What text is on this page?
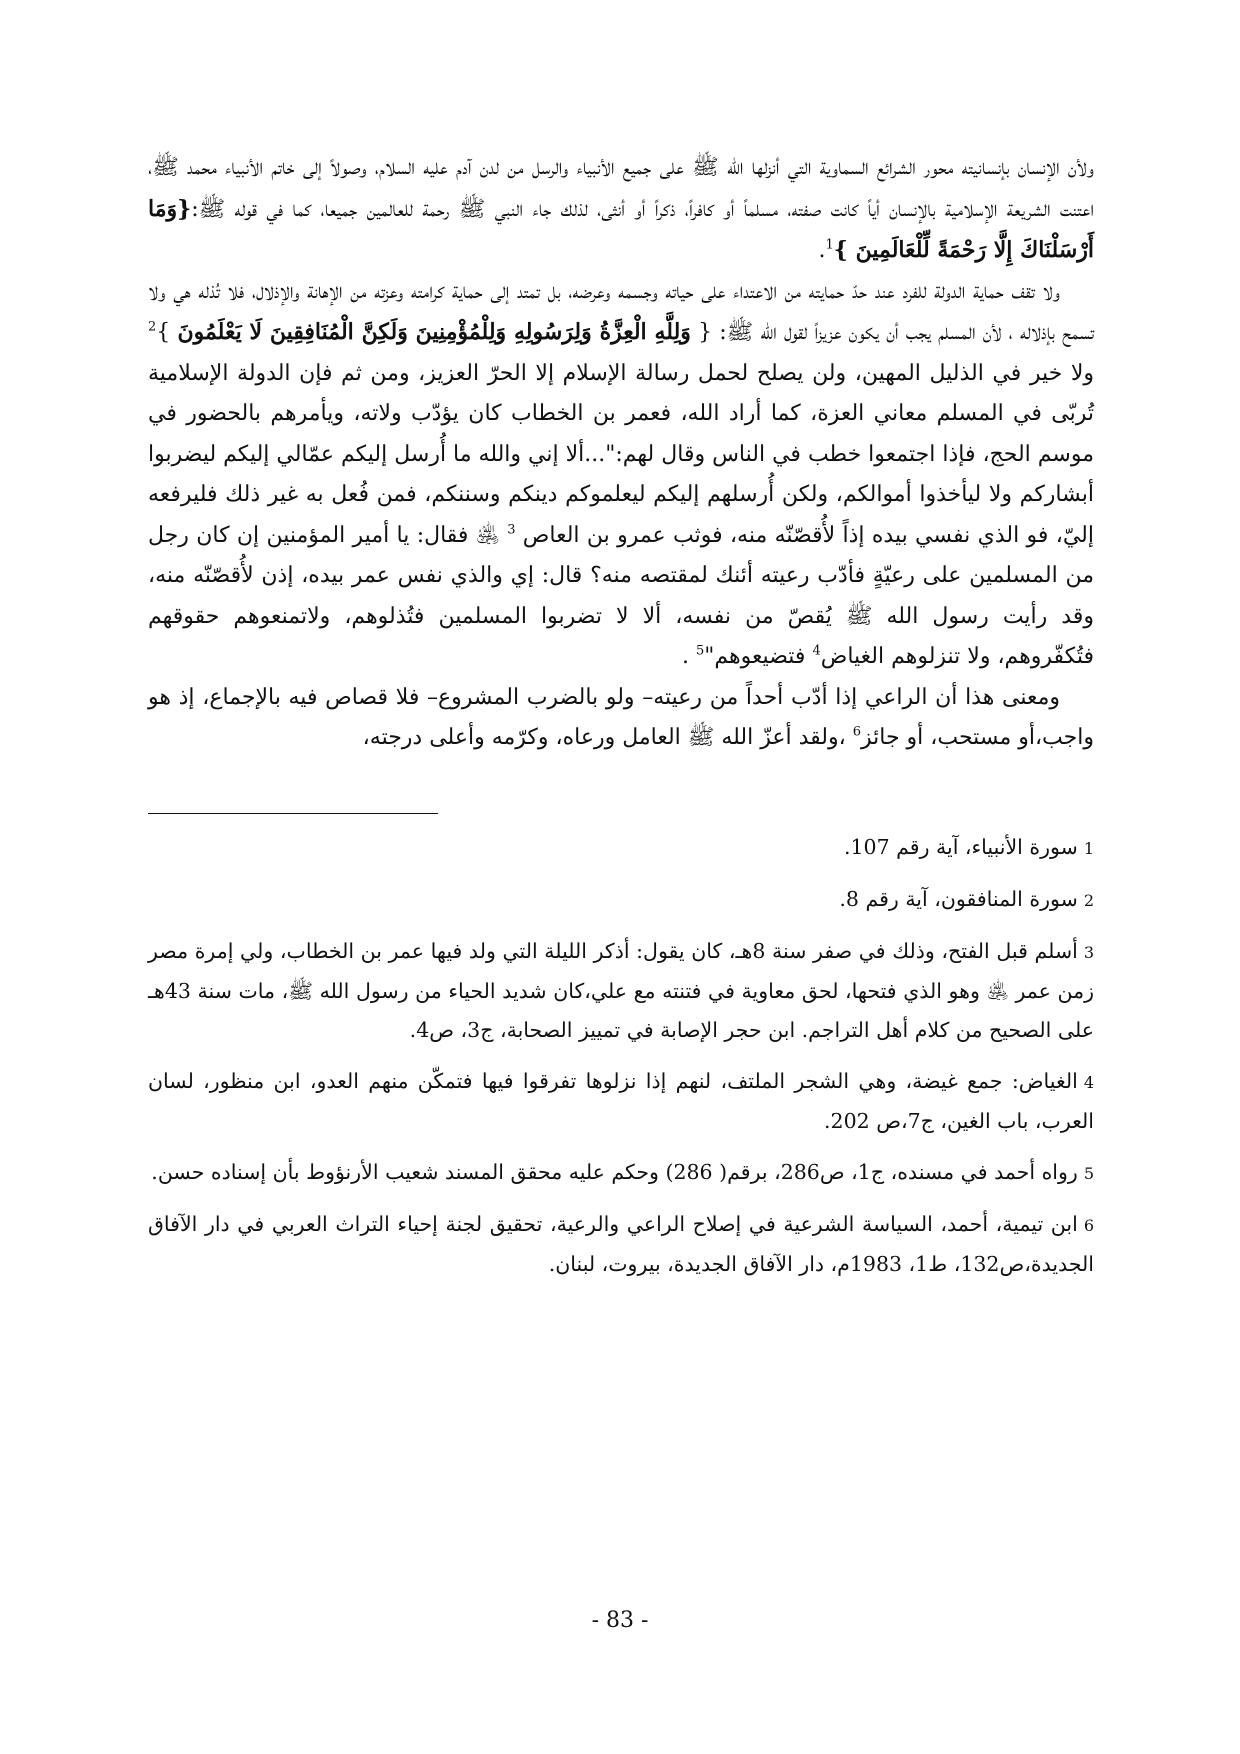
ولأن الإنسان بإنسانيته محور الشرائع السماوية التي أنزلها الله ﷺ على جميع الأنبياء والرسل من لدن آدم عليه السلام، وصولاً إلى خاتم الأنبياء محمد ﷺ، اعتنت الشريعة الإسلامية بالإنسان أياً كانت صفته، مسلماً أو كافراً، ذكراً أو أنثى، لذلك جاء النبي ﷺ رحمة للعالمين جميعا، كما في قوله ﷺ:{وَمَا أَرْسَلْنَاكَ إِلَّا رَحْمَةً لِّلْعَالَمِينَ }$^1$.

ولا تقف حماية الدولة للفرد عند حدّ حمايته من الاعتداء على حياته وجسمه وعرضه، بل تمتد إلى حماية كرامته وعزته من الإهانة والإذلال، فلا تُذله هي ولا تسمح بإذلاله ، لأن المسلم يجب أن يكون عزيزاً لقول الله ﷺ: { وَلِلَّهِ الْعِزَّةُ وَلِرَسُولِهِ وَلِلْمُؤْمِنِينَ وَلَكِنَّ الْمُنَافِقِينَ لَا يَعْلَمُونَ }$^2$ ولا خير في الذليل المهين، ولن يصلح لحمل رسالة الإسلام إلا الحرّ العزيز، ومن ثم فإن الدولة الإسلامية تُربّى في المسلم معاني العزة، كما أراد الله، فعمر بن الخطاب كان يؤدّب ولاته، ويأمرهم بالحضور في موسم الحج، فإذا اجتمعوا خطب في الناس وقال لهم:"...ألا إني والله ما أُرسل إليكم عمّالي إليكم ليضربوا أبشاركم ولا ليأخذوا أموالكم، ولكن أُرسلهم إليكم ليعلموكم دينكم وسننكم، فمن فُعل به غير ذلك فليرفعه إليّ، فو الذي نفسي بيده إذاً لأُقصّنّه منه، فوثب عمرو بن العاص $^3$ ﵁ فقال: يا أمير المؤمنين إن كان رجل من المسلمين على رعيّةٍ فأدّب رعيته أئنك لمقتصه منه؟ قال: إي والذي نفس عمر بيده، إذن لأُقصّنّه منه، وقد رأيت رسول الله ﷺ يُقصّ من نفسه، ألا لا تضربوا المسلمين فتُذلوهم، ولاتمنعوهم حقوقهم فتُكفّروهم، ولا تنزلوهم الغياض$^4$ فتضيعوهم"$^5$ .

ومعنى هذا أن الراعي إذا أدّب أحداً من رعيته– ولو بالضرب المشروع– فلا قصاص فيه بالإجماع، إذ هو واجب،أو مستحب، أو جائز$^6$ ،ولقد أعزّ الله ﷺ العامل ورعاه، وكرّمه وأعلى درجته،

1سورة الأنبياء، آية رقم 107.

2سورة المنافقون، آية رقم 8.

3أسلم قبل الفتح، وذلك في صفر سنة 8هـ، كان يقول: أذكر الليلة التي ولد فيها عمر بن الخطاب، ولي إمرة مصر زمن عمر ﵁ وهو الذي فتحها، لحق معاوية في فتنته مع علي،كان شديد الحياء من رسول الله ﷺ، مات سنة 43هـ على الصحيح من كلام أهل التراجم. ابن حجر الإصابة في تمييز الصحابة، ج3، ص4.

4الغياض: جمع غيضة، وهي الشجر الملتف، لنهم إذا نزلوها تفرقوا فيها فتمكّن منهم العدو، ابن منظور، لسان العرب، باب الغين، ج7،ص 202.

5رواه أحمد في مسنده، ج1، ص286، برقم( 286) وحكم عليه محقق المسند شعيب الأرنؤوط بأن إسناده حسن.

6ابن تيمية، أحمد، السياسة الشرعية في إصلاح الراعي والرعية، تحقيق لجنة إحياء التراث العربي في دار الآفاق الجديدة،ص132، ط1، 1983م، دار الآفاق الجديدة، بيروت، لبنان.

- 83 -
